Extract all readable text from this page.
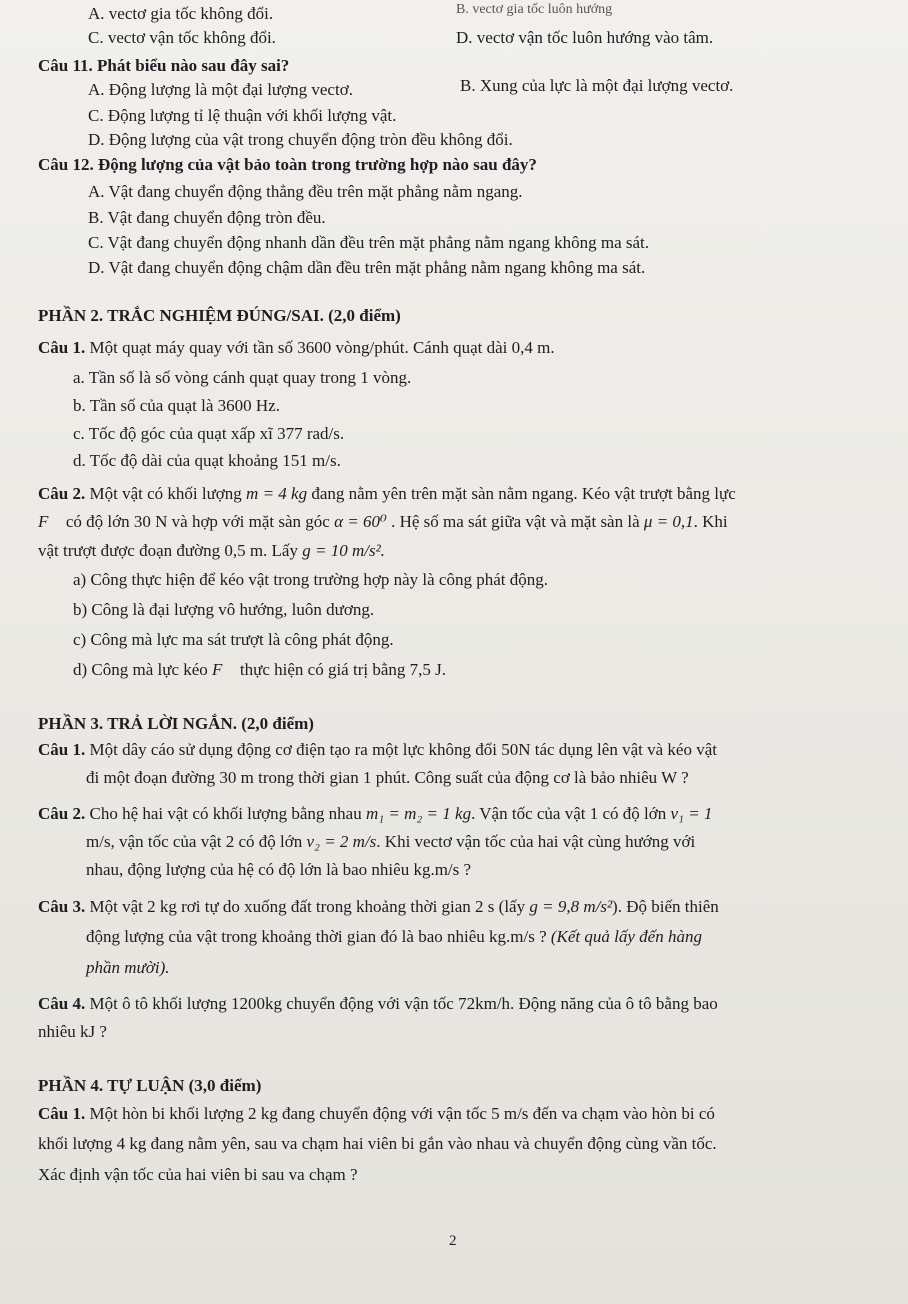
A. vectơ gia tốc không đổi.	B. vectơ gia tốc luôn hướng
C. vectơ vận tốc không đổi.	D. vectơ vận tốc luôn hướng vào tâm.
Câu 11. Phát biểu nào sau đây sai?
A. Động lượng là một đại lượng vectơ.	B. Xung của lực là một đại lượng vectơ.
C. Động lượng tỉ lệ thuận với khối lượng vật.
D. Động lượng của vật trong chuyển động tròn đều không đổi.
Câu 12. Động lượng của vật bảo toàn trong trường hợp nào sau đây?
A. Vật đang chuyển động thẳng đều trên mặt phẳng nằm ngang.
B. Vật đang chuyển động tròn đều.
C. Vật đang chuyển động nhanh dần đều trên mặt phẳng nằm ngang không ma sát.
D. Vật đang chuyển động chậm dần đều trên mặt phẳng nằm ngang không ma sát.
PHẦN 2. TRẮC NGHIỆM ĐÚNG/SAI. (2,0 điểm)
Câu 1. Một quạt máy quay với tần số 3600 vòng/phút. Cánh quạt dài 0,4 m.
a. Tần số là số vòng cánh quạt quay trong 1 vòng.
b. Tần số của quạt là 3600 Hz.
c. Tốc độ góc của quạt xấp xĩ 377 rad/s.
d. Tốc độ dài của quạt khoảng 151 m/s.
Câu 2. Một vật có khối lượng m = 4 kg đang nằm yên trên mặt sàn nằm ngang. Kéo vật trượt bằng lực
F⃗ có độ lớn 30 N và hợp với mặt sàn góc α = 60⁰ . Hệ số ma sát giữa vật và mặt sàn là μ = 0,1. Khi
vật trượt được đoạn đường 0,5 m. Lấy g = 10 m/s².
a) Công thực hiện để kéo vật trong trường hợp này là công phát động.
b) Công là đại lượng vô hướng, luôn dương.
c) Công mà lực ma sát trượt là công phát động.
d) Công mà lực kéo F⃗ thực hiện có giá trị bằng 7,5 J.
PHẦN 3. TRẢ LỜI NGẮN. (2,0 điểm)
Câu 1. Một dây cáo sử dụng động cơ điện tạo ra một lực không đổi 50N tác dụng lên vật và kéo vật
đi một đoạn đường 30 m trong thời gian 1 phút. Công suất của động cơ là bảo nhiêu W ?
Câu 2. Cho hệ hai vật có khối lượng bằng nhau m₁ = m₂ = 1 kg. Vận tốc của vật 1 có độ lớn v₁ = 1
m/s, vận tốc của vật 2 có độ lớn v₂ = 2 m/s. Khi vectơ vận tốc của hai vật cùng hướng với
nhau, động lượng của hệ có độ lớn là bao nhiêu kg.m/s ?
Câu 3. Một vật 2 kg rơi tự do xuống đất trong khoảng thời gian 2 s (lấy g = 9,8 m/s²). Độ biến thiên
động lượng của vật trong khoảng thời gian đó là bao nhiêu kg.m/s ? (Kết quả lấy đến hàng
phần mười).
Câu 4. Một ô tô khối lượng 1200kg chuyển động với vận tốc 72km/h. Động năng của ô tô bằng bao
nhiêu kJ ?
PHẦN 4. TỰ LUẬN (3,0 điểm)
Câu 1. Một hòn bi khối lượng 2 kg đang chuyển động với vận tốc 5 m/s đến va chạm vào hòn bi có
khối lượng 4 kg đang nằm yên, sau va chạm hai viên bi gắn vào nhau và chuyển động cùng vần tốc.
Xác định vận tốc của hai viên bi sau va chạm ?
2
